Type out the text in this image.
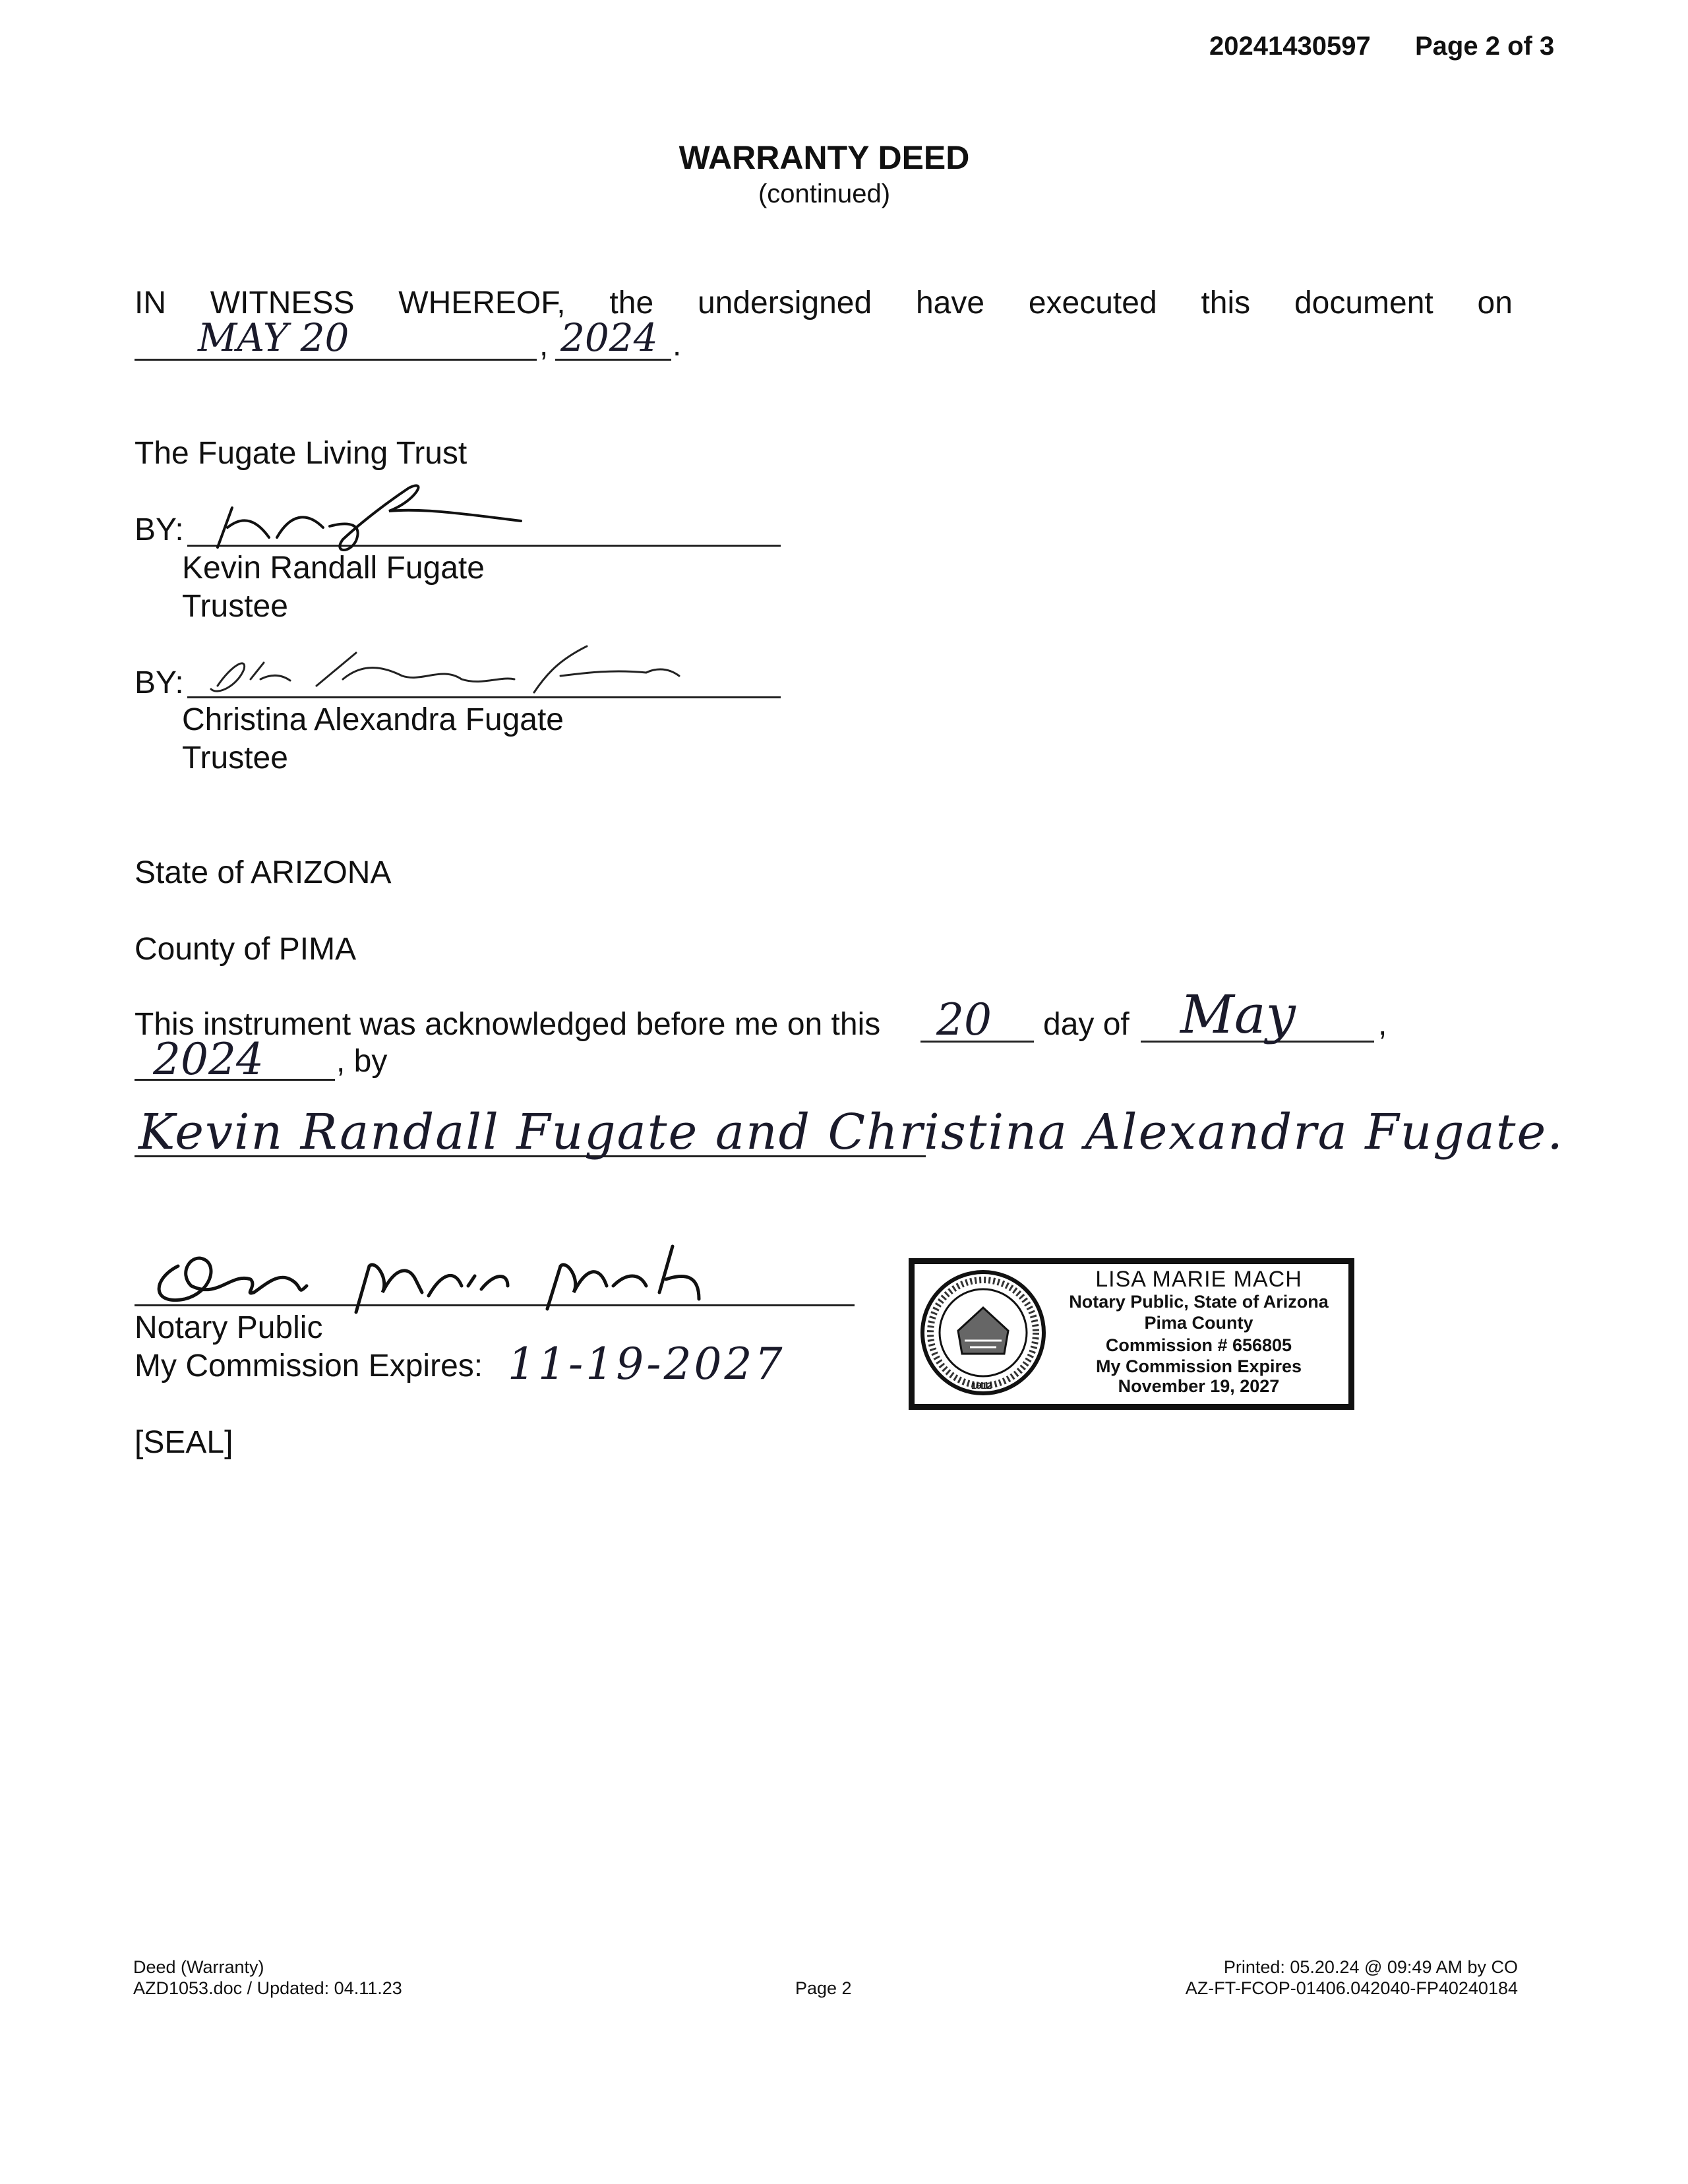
20241430597 Page 2 of 3
WARRANTY DEED
(continued)
IN WITNESS WHEREOF, the undersigned have executed this document on
MAY 20	, 2024 .
The Fugate Living Trust
BY:
Kevin Randall Fugate
Trustee
BY:
Christina Alexandra Fugate
Trustee
State of ARIZONA
County of PIMA
This instrument was acknowledged before me on this 20 day of May	,
2024 , by
Kevin Randall Fugate and Christina Alexandra Fugate.
Notary Public
My Commission Expires: 11-19-2027
[SEAL]
1912
LISA MARIE MACH
Notary Public, State of Arizona
Pima County
Commission # 656805
My Commission Expires
November 19, 2027
Deed (Warranty)
AZD1053.doc / Updated: 04.11.23	Page 2
Printed: 05.20.24 @ 09:49 AM by CO
AZ-FT-FCOP-01406.042040-FP40240184
